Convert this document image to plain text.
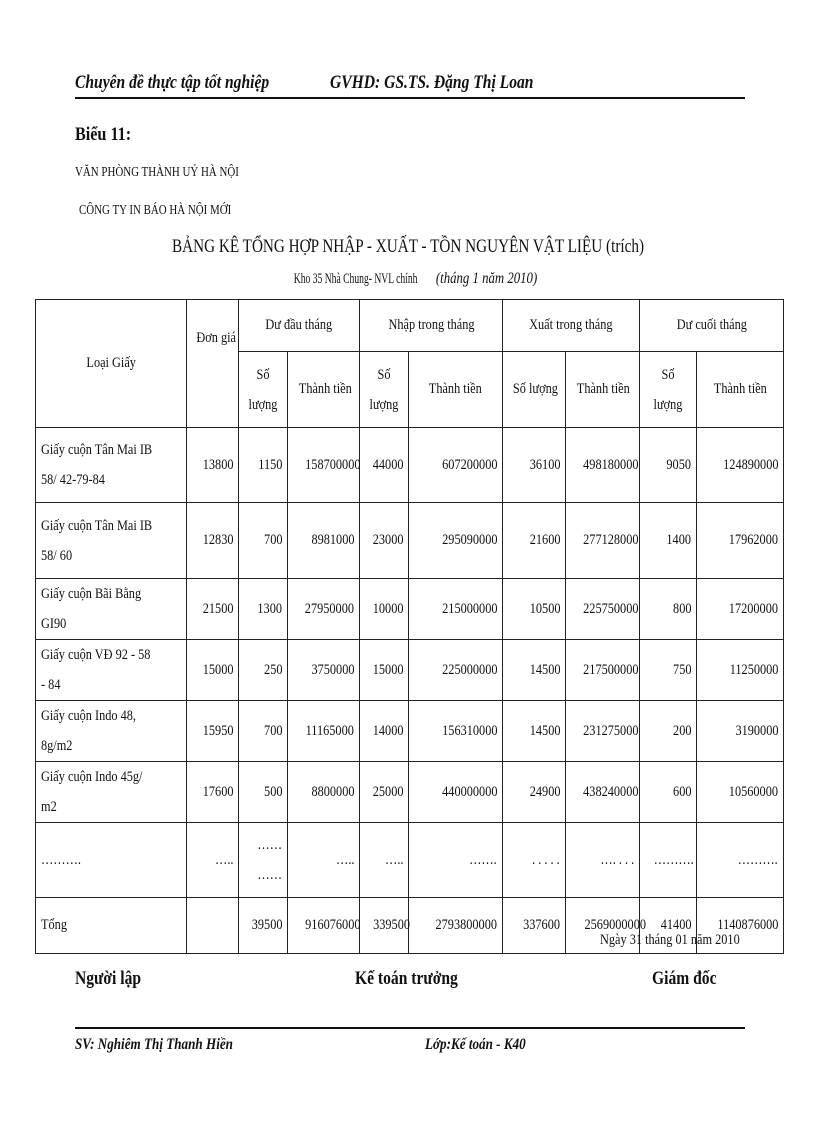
Chuyên đề thực tập tốt nghiệp	GVHD: GS.TS. Đặng Thị Loan
Biểu 11:
VĂN PHÒNG THÀNH UỶ HÀ NỘI
CÔNG TY IN BÁO HÀ NỘI MỚI
BẢNG KÊ TỔNG HỢP NHẬP - XUẤT - TỒN NGUYÊN VẬT LIỆU (trích)
Kho 35 Nhà Chung- NVL chính (tháng 1 năm 2010)
Loại Giấy	Đơn giá	Dư đầu tháng		Nhập trong tháng		Xuất trong tháng		Dư cuối tháng	
		Số lượng	Thành tiền	Số lượng	Thành tiền	Số lượng	Thành tiền	Số lượng	Thành tiền
Giấy cuộn Tân Mai IB 58/ 42-79-84	13800	1150	158700000	44000	607200000	36100	498180000	9050	124890000
Giấy cuộn Tân Mai IB 58/ 60	12830	700	8981000	23000	295090000	21600	277128000	1400	17962000
Giấy cuộn Bãi Bằng GI90	21500	1300	27950000	10000	215000000	10500	225750000	800	17200000
Giấy cuộn VĐ 92 - 58 - 84	15000	250	3750000	15000	225000000	14500	217500000	750	11250000
Giấy cuộn Indo 48, 8g/m2	15950	700	11165000	14000	156310000	14500	231275000	200	3190000
Giấy cuộn Indo 45g/ m2	17600	500	8800000	25000	440000000	24900	438240000	600	10560000
……….	…..	…… ……	…..	…..	…….	. . . . .	…. . . .	……….	……….
Tổng		39500	916076000	339500	2793800000	337600	2569000000	41400	1140876000
Ngày 31 tháng 01 năm 2010
Người lập	Kế toán trưởng	Giám đốc
SV: Nghiêm Thị Thanh Hiền	Lớp:Kế toán - K40
